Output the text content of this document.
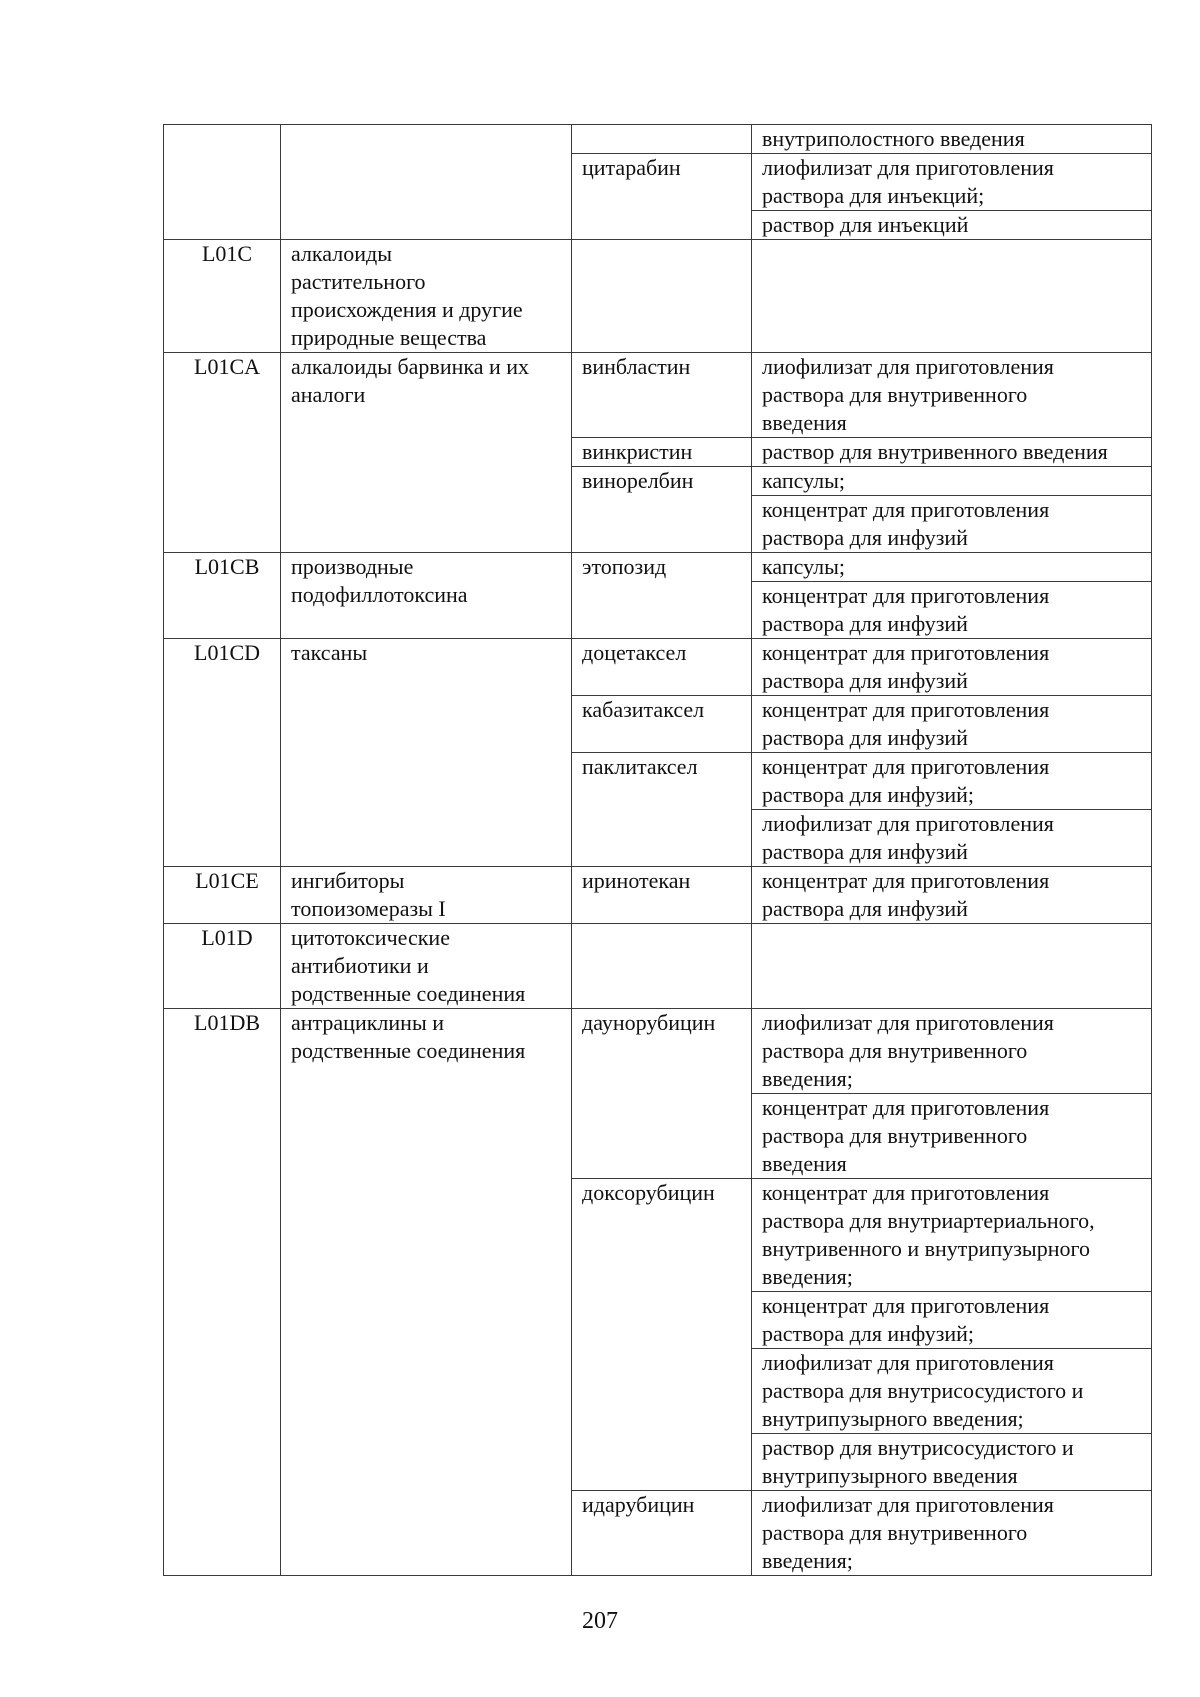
			внутриполостного введения
		цитарабин	лиофилизат для приготовления
раствора для инъекций;
			раствор для инъекций
L01C	алкалоиды
растительного
происхождения и другие
природные вещества		
L01CA	алкалоиды барвинка и их
аналоги	винбластин	лиофилизат для приготовления
раствора для внутривенного
введения
		винкристин	раствор для внутривенного введения
		винорелбин	капсулы;
			концентрат для приготовления
раствора для инфузий
L01CB	производные
подофиллотоксина	этопозид	капсулы;
			концентрат для приготовления
раствора для инфузий
L01CD	таксаны	доцетаксел	концентрат для приготовления
раствора для инфузий
		кабазитаксел	концентрат для приготовления
раствора для инфузий
		паклитаксел	концентрат для приготовления
раствора для инфузий;
			лиофилизат для приготовления
раствора для инфузий
L01CE	ингибиторы
топоизомеразы I	иринотекан	концентрат для приготовления
раствора для инфузий
L01D	цитотоксические
антибиотики и
родственные соединения		
L01DB	антрациклины и
родственные соединения	даунорубицин	лиофилизат для приготовления
раствора для внутривенного
введения;
			концентрат для приготовления
раствора для внутривенного
введения
		доксорубицин	концентрат для приготовления
раствора для внутриартериального,
внутривенного и внутрипузырного
введения;
			концентрат для приготовления
раствора для инфузий;
			лиофилизат для приготовления
раствора для внутрисосудистого и
внутрипузырного введения;
			раствор для внутрисосудистого и
внутрипузырного введения
		идарубицин	лиофилизат для приготовления
раствора для внутривенного
введения;
207
